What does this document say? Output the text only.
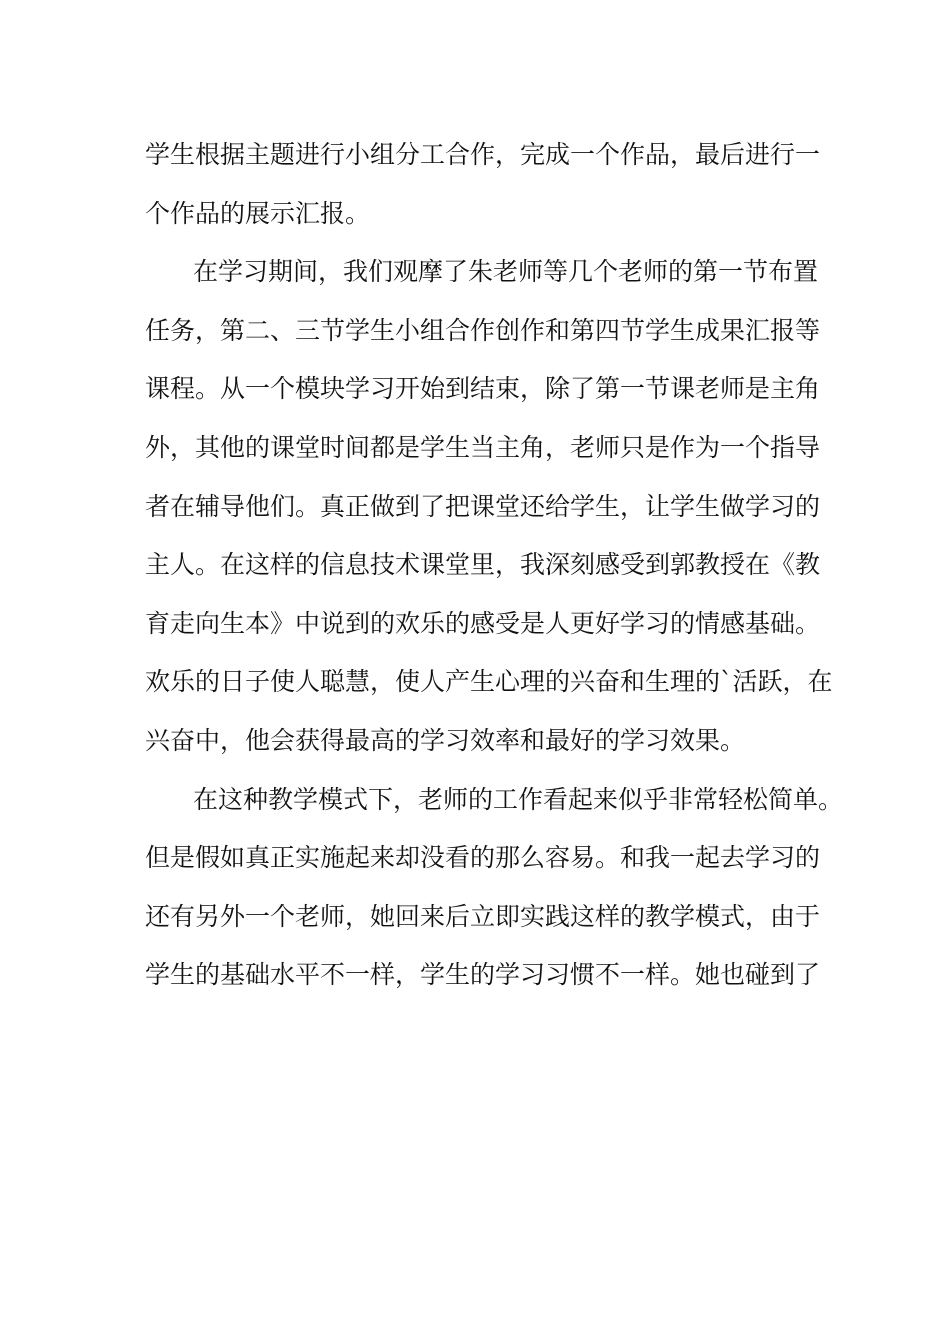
学生根据主题进行小组分工合作，完成一个作品，最后进行一
个作品的展示汇报。
在学习期间，我们观摩了朱老师等几个老师的第一节布置
任务，第二、三节学生小组合作创作和第四节学生成果汇报等
课程。从一个模块学习开始到结束，除了第一节课老师是主角
外，其他的课堂时间都是学生当主角，老师只是作为一个指导
者在辅导他们。真正做到了把课堂还给学生，让学生做学习的
主人。在这样的信息技术课堂里，我深刻感受到郭教授在《教
育走向生本》中说到的欢乐的感受是人更好学习的情感基础。
欢乐的日子使人聪慧，使人产生心理的兴奋和生理的`活跃，在
兴奋中，他会获得最高的学习效率和最好的学习效果。
在这种教学模式下，老师的工作看起来似乎非常轻松简单。
但是假如真正实施起来却没看的那么容易。和我一起去学习的
还有另外一个老师，她回来后立即实践这样的教学模式，由于
学生的基础水平不一样，学生的学习习惯不一样。她也碰到了
